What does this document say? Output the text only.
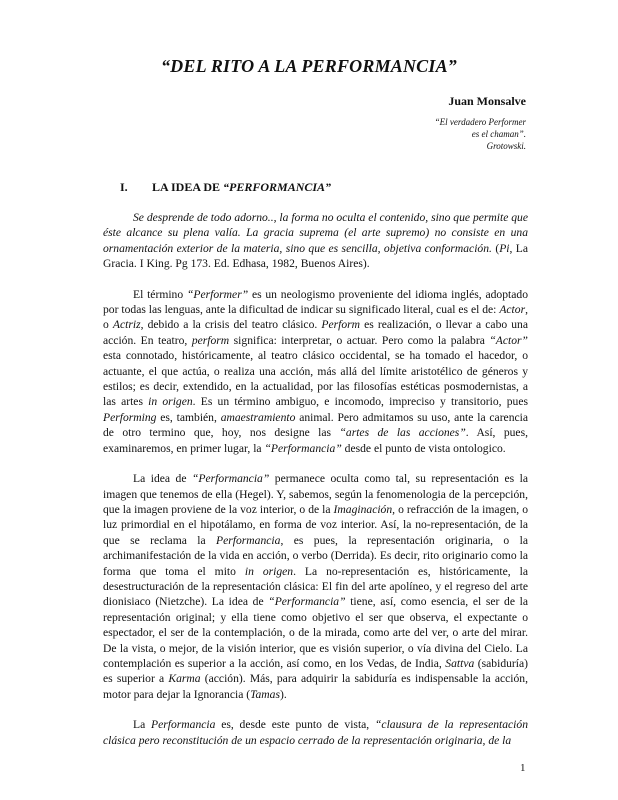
“DEL RITO A LA PERFORMANCIA”
Juan Monsalve
“El verdadero Performer
es el chaman”.
Grotowski.
I. LA IDEA DE “PERFORMANCIA”

Se desprende de todo adorno.., la forma no oculta el contenido, sino que permite que éste alcance su plena valía. La gracia suprema (el arte supremo) no consiste en una ornamentación exterior de la materia, sino que es sencilla, objetiva conformación. (Pi, La Gracia. I King. Pg 173. Ed. Edhasa, 1982, Buenos Aires).

El término “Performer” es un neologismo proveniente del idioma inglés, adoptado por todas las lenguas, ante la dificultad de indicar su significado literal, cual es el de: Actor, o Actriz, debido a la crisis del teatro clásico. Perform es realización, o llevar a cabo una acción. En teatro, perform significa: interpretar, o actuar. Pero como la palabra “Actor” esta connotado, históricamente, al teatro clásico occidental, se ha tomado el hacedor, o actuante, el que actúa, o realiza una acción, más allá del límite aristotélico de géneros y estilos; es decir, extendido, en la actualidad, por las filosofías estéticas posmodernistas, a las artes in origen. Es un término ambiguo, e incomodo, impreciso y transitorio, pues Performing es, también, amaestramiento animal. Pero admitamos su uso, ante la carencia de otro termino que, hoy, nos designe las “artes de las acciones”. Así, pues, examinaremos, en primer lugar, la “Performancia” desde el punto de vista ontologico.

La idea de “Performancia” permanece oculta como tal, su representación es la imagen que tenemos de ella (Hegel). Y, sabemos, según la fenomenologia de la percepción, que la imagen proviene de la voz interior, o de la Imaginación, o refracción de la imagen, o luz primordial en el hipotálamo, en forma de voz interior. Así, la no-representación, de la que se reclama la Performancia, es pues, la representación originaria, o la archimanifestación de la vida en acción, o verbo (Derrida). Es decir, rito originario como la forma que toma el mito in origen. La no-representación es, históricamente, la desestructuración de la representación clásica: El fin del arte apolíneo, y el regreso del arte dionisiaco (Nietzche). La idea de “Performancia” tiene, así, como esencia, el ser de la representación original; y ella tiene como objetivo el ser que observa, el expectante o espectador, el ser de la contemplación, o de la mirada, como arte del ver, o arte del mirar. De la vista, o mejor, de la visión interior, que es visión superior, o vía divina del Cielo. La contemplación es superior a la acción, así como, en los Vedas, de India, Sattva (sabiduría) es superior a Karma (acción). Más, para adquirir la sabiduría es indispensable la acción, motor para dejar la Ignorancia (Tamas).

La Performancia es, desde este punto de vista, “clausura de la representación clásica pero reconstitución de un espacio cerrado de la representación originaria, de la

1
